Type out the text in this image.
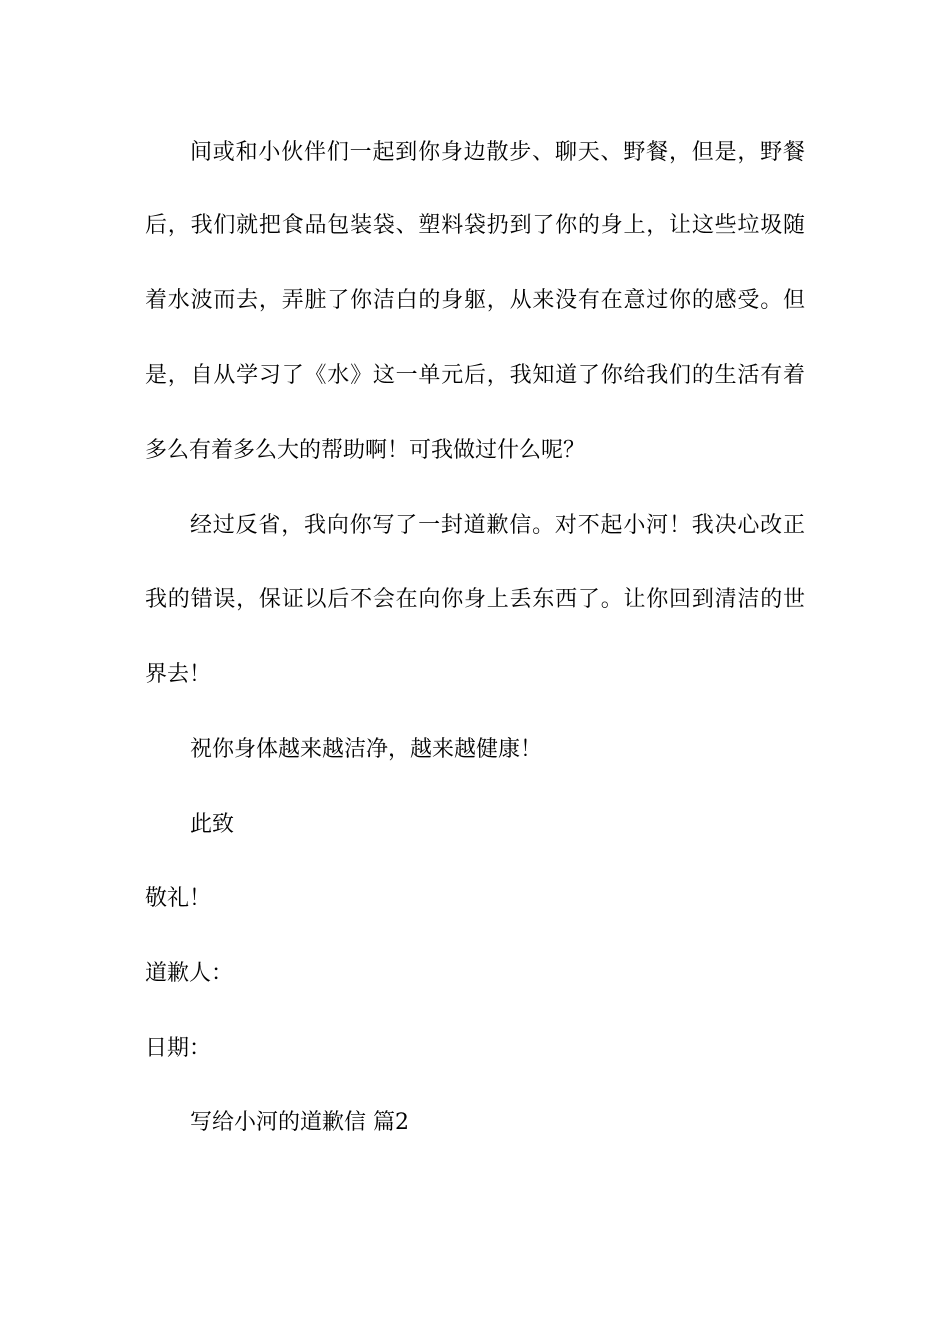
间或和小伙伴们一起到你身边散步、聊天、野餐，但是，野餐
后，我们就把食品包装袋、塑料袋扔到了你的身上，让这些垃圾随
着水波而去，弄脏了你洁白的身躯，从来没有在意过你的感受。但
是，自从学习了《水》这一单元后，我知道了你给我们的生活有着
多么有着多么大的帮助啊！可我做过什么呢？
经过反省，我向你写了一封道歉信。对不起小河！我决心改正
我的错误，保证以后不会在向你身上丢东西了。让你回到清洁的世
界去！
祝你身体越来越洁净，越来越健康！
此致
敬礼！
道歉人：
日期：
写给小河的道歉信 篇2
